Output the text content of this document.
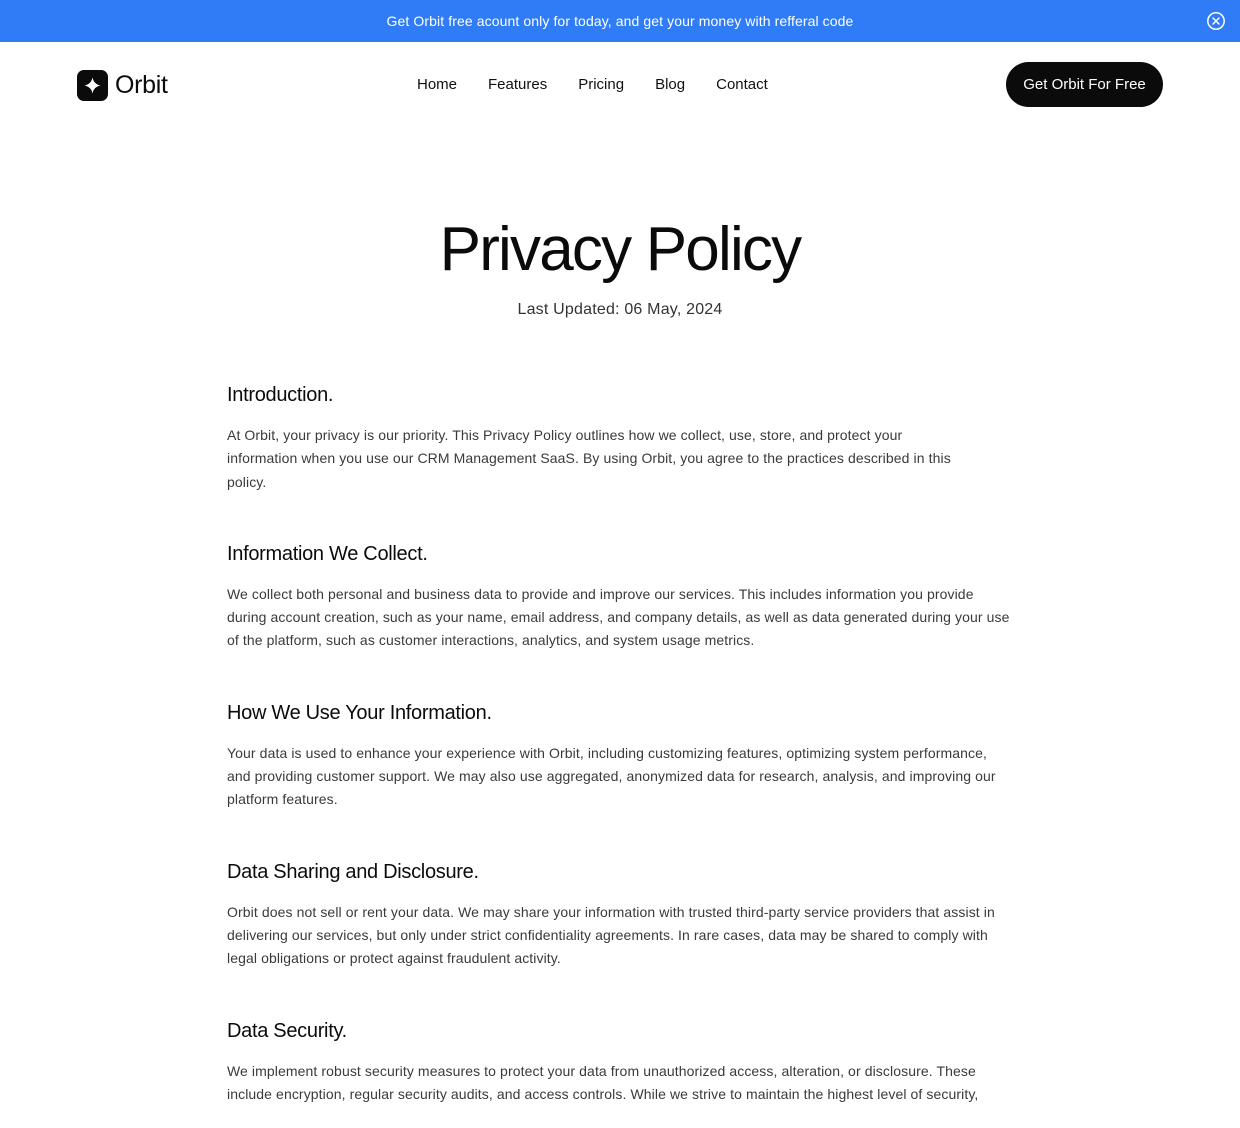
Get Orbit free acount only for today, and get your money with refferal code
Orbit	Home Features Pricing Blog Contact	Get Orbit For Free
Privacy Policy
Last Updated: 06 May, 2024
Introduction.

At Orbit, your privacy is our priority. This Privacy Policy outlines how we collect, use, store, and protect your information when you use our CRM Management SaaS. By using Orbit, you agree to the practices described in this policy.

Information We Collect.

We collect both personal and business data to provide and improve our services. This includes information you provide during account creation, such as your name, email address, and company details, as well as data generated during your use of the platform, such as customer interactions, analytics, and system usage metrics.

How We Use Your Information.

Your data is used to enhance your experience with Orbit, including customizing features, optimizing system performance, and providing customer support. We may also use aggregated, anonymized data for research, analysis, and improving our platform features.

Data Sharing and Disclosure.

Orbit does not sell or rent your data. We may share your information with trusted third-party service providers that assist in delivering our services, but only under strict confidentiality agreements. In rare cases, data may be shared to comply with legal obligations or protect against fraudulent activity.

Data Security.

We implement robust security measures to protect your data from unauthorized access, alteration, or disclosure. These include encryption, regular security audits, and access controls. While we strive to maintain the highest level of security,
